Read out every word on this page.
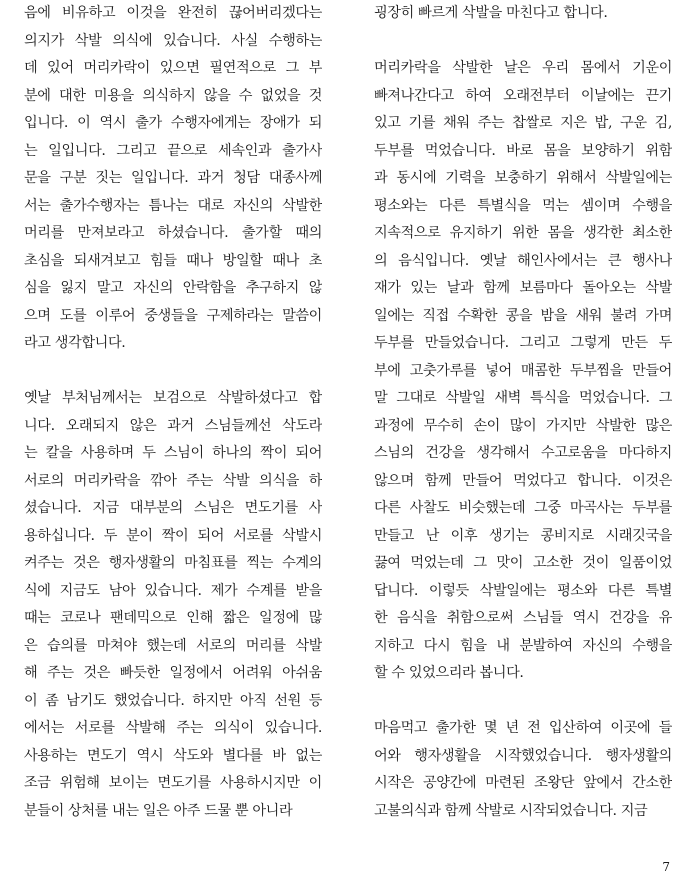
음에 비유하고 이것을 완전히 끊어버리겠다는
의지가 삭발 의식에 있습니다. 사실 수행하는
데 있어 머리카락이 있으면 필연적으로 그 부
분에 대한 미용을 의식하지 않을 수 없었을 것
입니다. 이 역시 출가 수행자에게는 장애가 되
는 일입니다. 그리고 끝으로 세속인과 출가사
문을 구분 짓는 일입니다. 과거 청담 대종사께
서는 출가수행자는 틈나는 대로 자신의 삭발한
머리를 만져보라고 하셨습니다. 출가할 때의
초심을 되새겨보고 힘들 때나 방일할 때나 초
심을 잃지 말고 자신의 안락함을 추구하지 않
으며 도를 이루어 중생들을 구제하라는 말씀이
라고 생각합니다.
옛날 부처님께서는 보검으로 삭발하셨다고 합
니다. 오래되지 않은 과거 스님들께선 삭도라
는 칼을 사용하며 두 스님이 하나의 짝이 되어
서로의 머리카락을 깎아 주는 삭발 의식을 하
셨습니다. 지금 대부분의 스님은 면도기를 사
용하십니다. 두 분이 짝이 되어 서로를 삭발시
켜주는 것은 행자생활의 마침표를 찍는 수계의
식에 지금도 남아 있습니다. 제가 수계를 받을
때는 코로나 팬데믹으로 인해 짧은 일정에 많
은 습의를 마쳐야 했는데 서로의 머리를 삭발
해 주는 것은 빠듯한 일정에서 어려워 아쉬움
이 좀 남기도 했었습니다. 하지만 아직 선원 등
에서는 서로를 삭발해 주는 의식이 있습니다.
사용하는 면도기 역시 삭도와 별다를 바 없는
조금 위험해 보이는 면도기를 사용하시지만 이
분들이 상처를 내는 일은 아주 드물 뿐 아니라
굉장히 빠르게 삭발을 마친다고 합니다.
머리카락을 삭발한 날은 우리 몸에서 기운이
빠져나간다고 하여 오래전부터 이날에는 끈기
있고 기를 채워 주는 찹쌀로 지은 밥, 구운 김,
두부를 먹었습니다. 바로 몸을 보양하기 위함
과 동시에 기력을 보충하기 위해서 삭발일에는
평소와는 다른 특별식을 먹는 셈이며 수행을
지속적으로 유지하기 위한 몸을 생각한 최소한
의 음식입니다. 옛날 해인사에서는 큰 행사나
재가 있는 날과 함께 보름마다 돌아오는 삭발
일에는 직접 수확한 콩을 밤을 새워 불려 가며
두부를 만들었습니다. 그리고 그렇게 만든 두
부에 고춧가루를 넣어 매콤한 두부찜을 만들어
말 그대로 삭발일 새벽 특식을 먹었습니다. 그
과정에 무수히 손이 많이 가지만 삭발한 많은
스님의 건강을 생각해서 수고로움을 마다하지
않으며 함께 만들어 먹었다고 합니다. 이것은
다른 사찰도 비슷했는데 그중 마곡사는 두부를
만들고 난 이후 생기는 콩비지로 시래깃국을
끓여 먹었는데 그 맛이 고소한 것이 일품이었
답니다. 이렇듯 삭발일에는 평소와 다른 특별
한 음식을 취함으로써 스님들 역시 건강을 유
지하고 다시 힘을 내 분발하여 자신의 수행을
할 수 있었으리라 봅니다.
마음먹고 출가한 몇 년 전 입산하여 이곳에 들
어와 행자생활을 시작했었습니다. 행자생활의
시작은 공양간에 마련된 조왕단 앞에서 간소한
고불의식과 함께 삭발로 시작되었습니다. 지금
7
